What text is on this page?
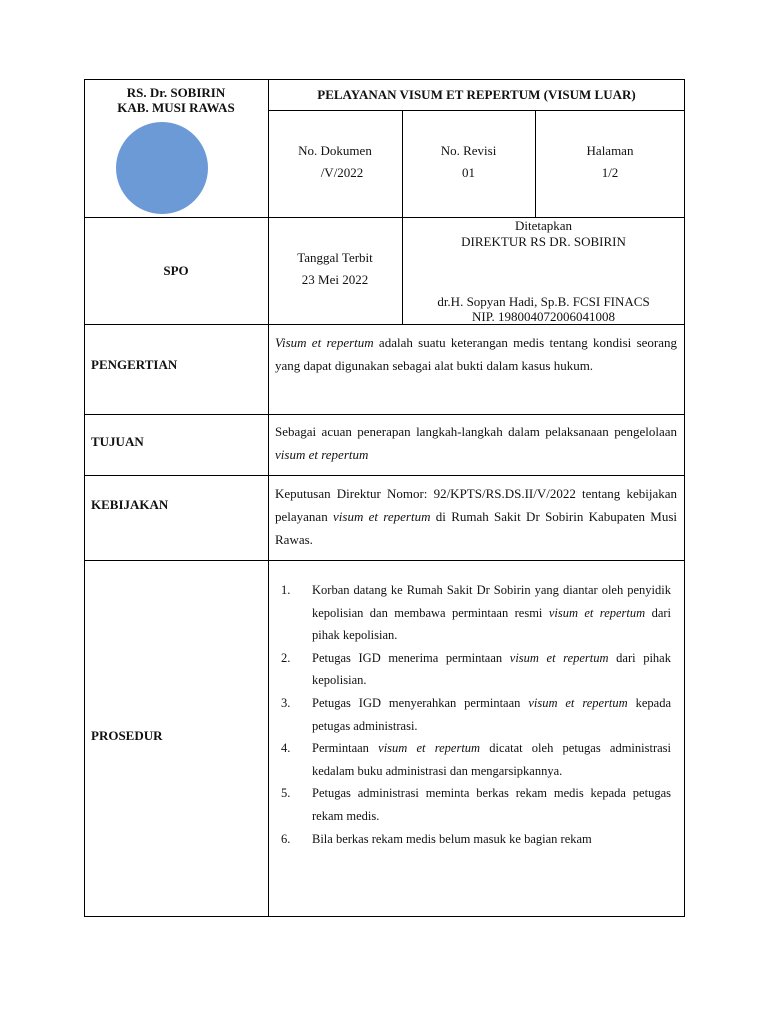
RS. Dr. SOBIRIN
KAB. MUSI RAWAS
PELAYANAN VISUM ET REPERTUM (VISUM LUAR)
No. Dokumen
/V/2022
No. Revisi
01
Halaman
1/2
SPO
Tanggal Terbit
23 Mei 2022
Ditetapkan
DIREKTUR RS DR. SOBIRIN
dr.H. Sopyan Hadi, Sp.B. FCSI FINACS
NIP. 198004072006041008
PENGERTIAN
Visum et repertum adalah suatu keterangan medis tentang kondisi seorang yang dapat digunakan sebagai alat bukti dalam kasus hukum.
TUJUAN
Sebagai acuan penerapan langkah-langkah dalam pelaksanaan pengelolaan visum et repertum
KEBIJAKAN
Keputusan Direktur Nomor: 92/KPTS/RS.DS.II/V/2022 tentang kebijakan pelayanan visum et repertum di Rumah Sakit Dr Sobirin Kabupaten Musi Rawas.
PROSEDUR
1. Korban datang ke Rumah Sakit Dr Sobirin yang diantar oleh penyidik kepolisian dan membawa permintaan resmi visum et repertum dari pihak kepolisian.
2. Petugas IGD menerima permintaan visum et repertum dari pihak kepolisian.
3. Petugas IGD menyerahkan permintaan visum et repertum kepada petugas administrasi.
4. Permintaan visum et repertum dicatat oleh petugas administrasi kedalam buku administrasi dan mengarsipkannya.
5. Petugas administrasi meminta berkas rekam medis kepada petugas rekam medis.
6. Bila berkas rekam medis belum masuk ke bagian rekam
